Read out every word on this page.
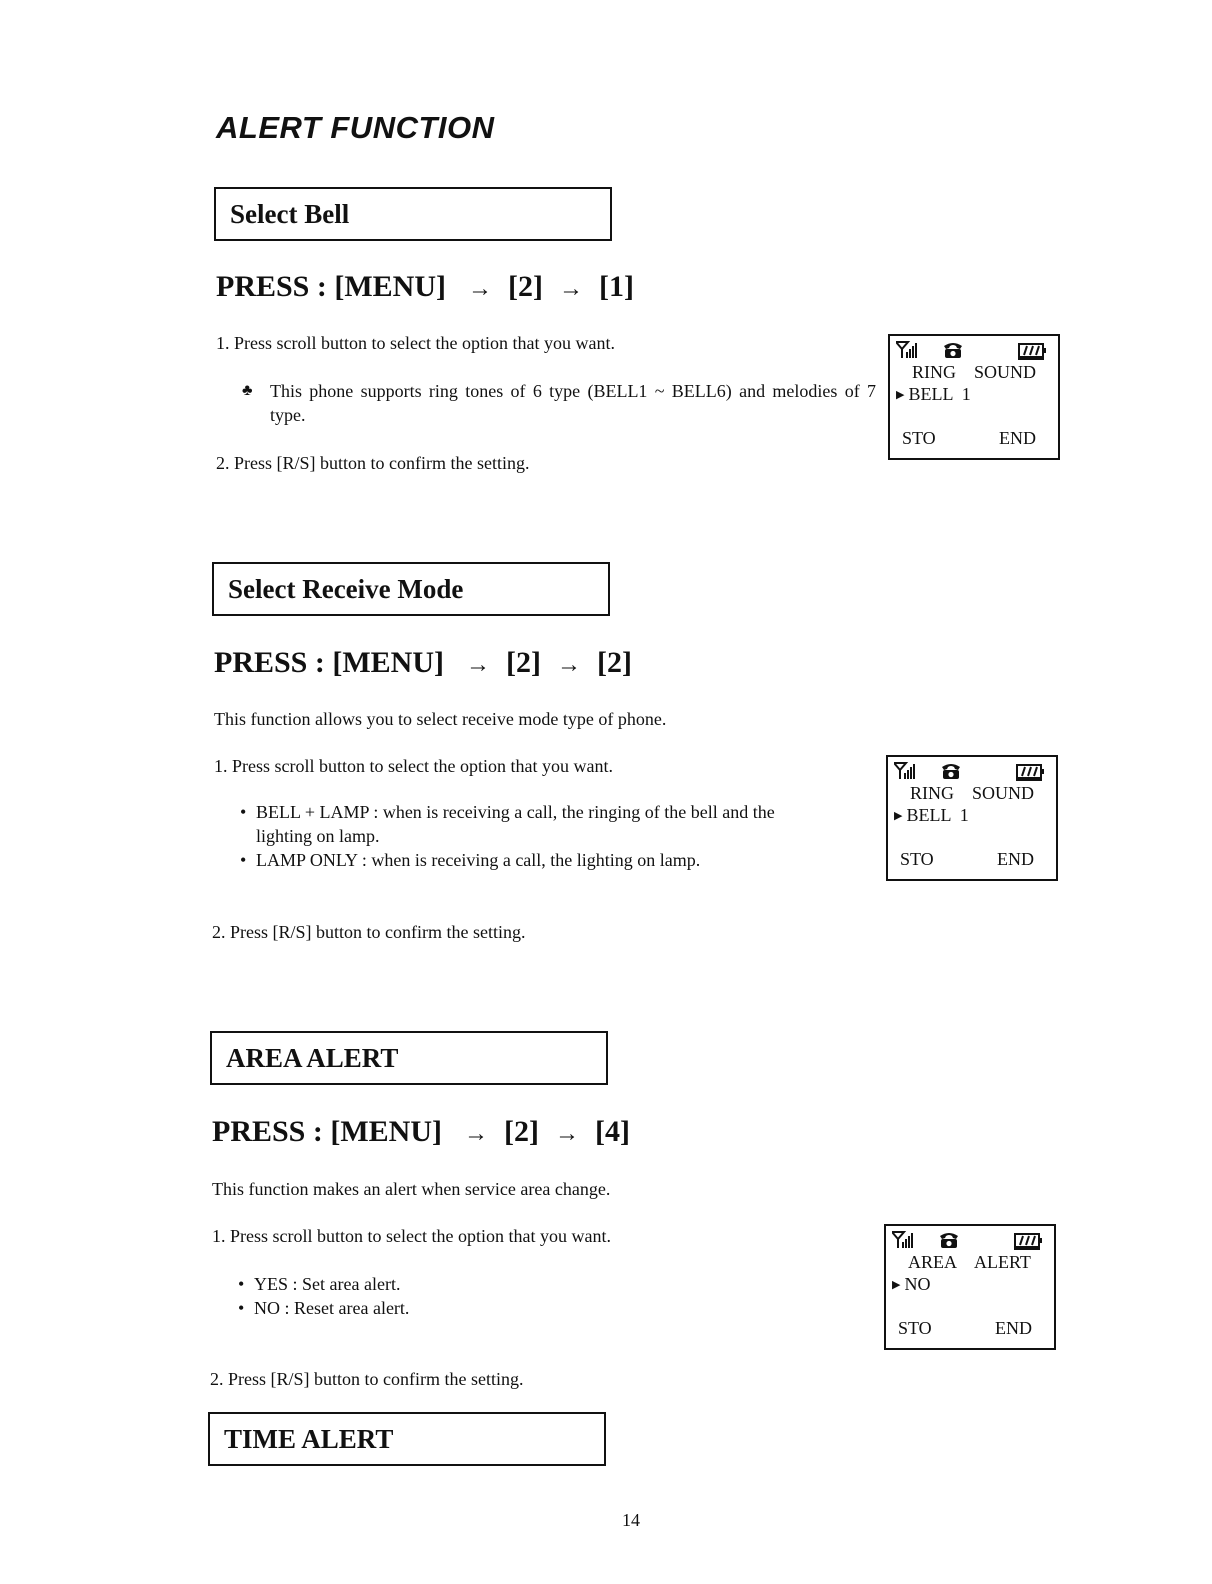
ALERT FUNCTION
Select Bell
PRESS : [MENU] → [2] → [1]
1. Press scroll button to select the option that you want.
♣ This phone supports ring tones of 6 type (BELL1 ~ BELL6) and melodies of 7 type.
2. Press [R/S] button to confirm the setting.
RING SOUND
▶ BELL  1
STO	END
Select Receive Mode
PRESS : [MENU] → [2] → [2]
This function allows you to select receive mode type of phone.
1. Press scroll button to select the option that you want.
• BELL + LAMP : when is receiving a call, the ringing of the bell and the
lighting on lamp.
• LAMP ONLY : when is receiving a call, the lighting on lamp.
2. Press [R/S] button to confirm the setting.
RING SOUND
▶ BELL  1
STO	END
AREA ALERT
PRESS : [MENU] → [2] → [4]
This function makes an alert when service area change.
1. Press scroll button to select the option that you want.
• YES : Set area alert.
• NO : Reset area alert.
2. Press [R/S] button to confirm the setting.
AREA ALERT
▶ NO
STO	END
TIME ALERT
14
